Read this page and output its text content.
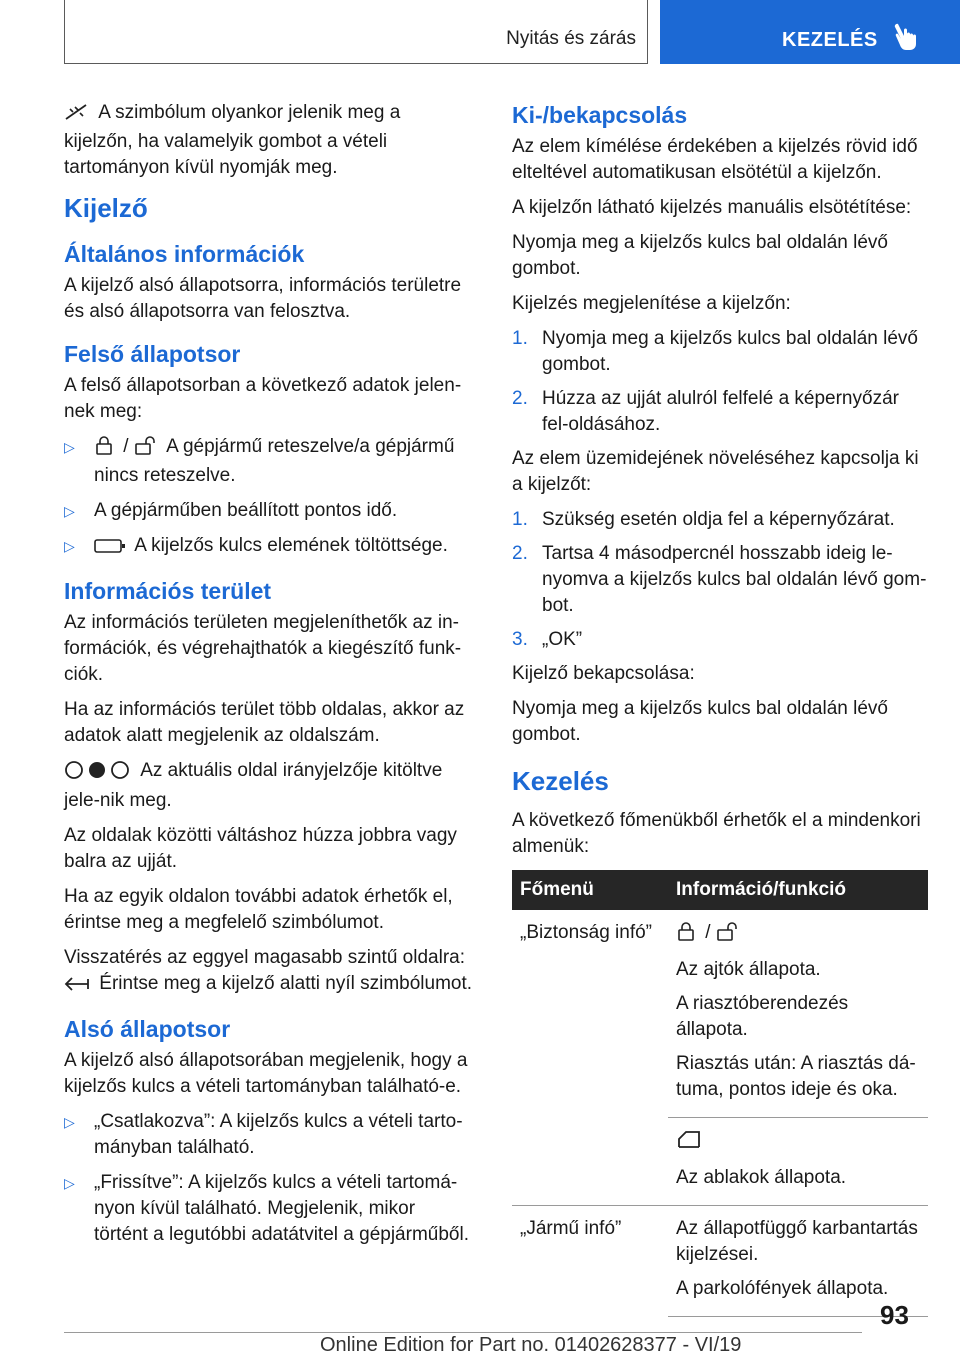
Nyitás és zárás	KEZELÉS

A szimbólum olyankor jelenik meg a kijelzőn, ha valamelyik gombot a vételi tartományon kívül nyomják meg.

Kijelző
Általános információk

A kijelző alsó állapotsorra, információs területre és alsó állapotsorra van felosztva.

Felső állapotsor

A felső állapotsorban a következő adatok jelen-nek meg:

▷	/ A gépjármű reteszelve/a gépjármű nincs reteszelve.
▷ A gépjárműben beállított pontos idő.
▷	A kijelzős kulcs elemének töltöttsége.
Információs terület

Az információs területen megjeleníthetők az in-formációk, és végrehajthatók a kiegészítő funk-ciók.

Ha az információs terület több oldalas, akkor az adatok alatt megjelenik az oldalszám.

Az aktuális oldal irányjelzője kitöltve jele-nik meg.

Az oldalak közötti váltáshoz húzza jobbra vagy balra az ujját.

Ha az egyik oldalon további adatok érhetők el, érintse meg a megfelelő szimbólumot.

Visszatérés az eggyel magasabb szintű oldalra:
Érintse meg a kijelző alatti nyíl szimbólumot.

Alsó állapotsor

A kijelző alsó állapotsorában megjelenik, hogy a kijelzős kulcs a vételi tartományban található-e.

▷ „Csatlakozva”: A kijelzős kulcs a vételi tarto-mányban található.
▷ „Frissítve”: A kijelzős kulcs a vételi tartomá-nyon kívül található. Megjelenik, mikor történt a legutóbbi adatátvitel a gépjárműből.
Ki-/bekapcsolás

Az elem kímélése érdekében a kijelzés rövid idő elteltével automatikusan elsötétül a kijelzőn.

A kijelzőn látható kijelzés manuális elsötétítése:

Nyomja meg a kijelzős kulcs bal oldalán lévő gombot.

Kijelzés megjelenítése a kijelzőn:

1. Nyomja meg a kijelzős kulcs bal oldalán lévő gombot.
2. Húzza az ujját alulról felfelé a képernyőzár fel-oldásához.

Az elem üzemidejének növeléséhez kapcsolja ki a kijelzőt:

1. Szükség esetén oldja fel a képernyőzárat.
2. Tartsa 4 másodpercnél hosszabb ideig le-nyomva a kijelzős kulcs bal oldalán lévő gom-bot.
3. „OK”

Kijelző bekapcsolása:

Nyomja meg a kijelzős kulcs bal oldalán lévő gombot.

Kezelés

A következő főmenükből érhetők el a mindenkori almenük:

Főmenü	Információ/funkció
„Biztonság infó”	/

Az ajtók állapota.

A riasztóberendezés állapota.

Riasztás után: A riasztás dá-tuma, pontos ideje és oka.

	Az ablakok állapota.

„Jármű infó”	Az állapotfüggő karbantartás kijelzései.

A parkolófények állapota.

93
Online Edition for Part no. 01402628377 - VI/19
